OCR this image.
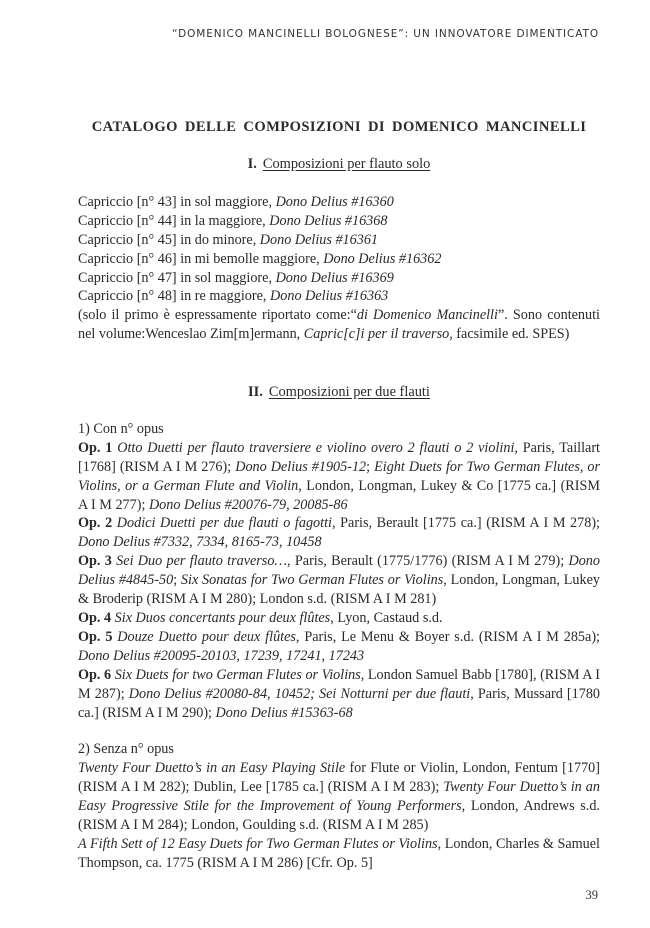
“DOMENICO MANCINELLI BOLOGNESE”: UN INNOVATORE DIMENTICATO

CATALOGO DELLE COMPOSIZIONI DI DOMENICO MANCINELLI

I. Composizioni per flauto solo

Capriccio [n° 43] in sol maggiore, Dono Delius #16360

Capriccio [n° 44] in la maggiore, Dono Delius #16368

Capriccio [n° 45] in do minore, Dono Delius #16361

Capriccio [n° 46] in mi bemolle maggiore, Dono Delius #16362

Capriccio [n° 47] in sol maggiore, Dono Delius #16369

Capriccio [n° 48] in re maggiore, Dono Delius #16363

(solo il primo è espressamente riportato come:“di Domenico Mancinelli”. Sono contenuti nel volume:Wenceslao Zim[m]ermann, Capric[c]i per il traverso, facsimile ed. SPES)

II. Composizioni per due flauti

1) Con n° opus

Op. 1 Otto Duetti per flauto traversiere e violino overo 2 flauti o 2 violini, Paris, Taillart [1768] (RISM A I M 276); Dono Delius #1905-12; Eight Duets for Two German Flutes, or Violins, or a German Flute and Violin, London, Longman, Lukey & Co [1775 ca.] (RISM A I M 277); Dono Delius #20076-79, 20085-86

Op. 2 Dodici Duetti per due flauti o fagotti, Paris, Berault [1775 ca.] (RISM A I M 278); Dono Delius #7332, 7334, 8165-73, 10458

Op. 3 Sei Duo per flauto traverso…, Paris, Berault (1775/1776) (RISM A I M 279); Dono Delius #4845-50; Six Sonatas for Two German Flutes or Violins, London, Longman, Lukey & Broderip (RISM A I M 280); London s.d. (RISM A I M 281)

Op. 4 Six Duos concertants pour deux flûtes, Lyon, Castaud s.d.

Op. 5 Douze Duetto pour deux flûtes, Paris, Le Menu & Boyer s.d. (RISM A I M 285a); Dono Delius #20095-20103, 17239, 17241, 17243

Op. 6 Six Duets for two German Flutes or Violins, London Samuel Babb [1780], (RISM A I M 287); Dono Delius #20080-84, 10452; Sei Notturni per due flauti, Paris, Mussard [1780 ca.] (RISM A I M 290); Dono Delius #15363-68

2) Senza n° opus

Twenty Four Duetto’s in an Easy Playing Stile for Flute or Violin, London, Fentum [1770] (RISM A I M 282); Dublin, Lee [1785 ca.] (RISM A I M 283); Twenty Four Duetto’s in an Easy Progressive Stile for the Improvement of Young Performers, London, Andrews s.d. (RISM A I M 284); London, Goulding s.d. (RISM A I M 285)

A Fifth Sett of 12 Easy Duets for Two German Flutes or Violins, London, Charles & Samuel Thompson, ca. 1775 (RISM A I M 286) [Cfr. Op. 5]

39
